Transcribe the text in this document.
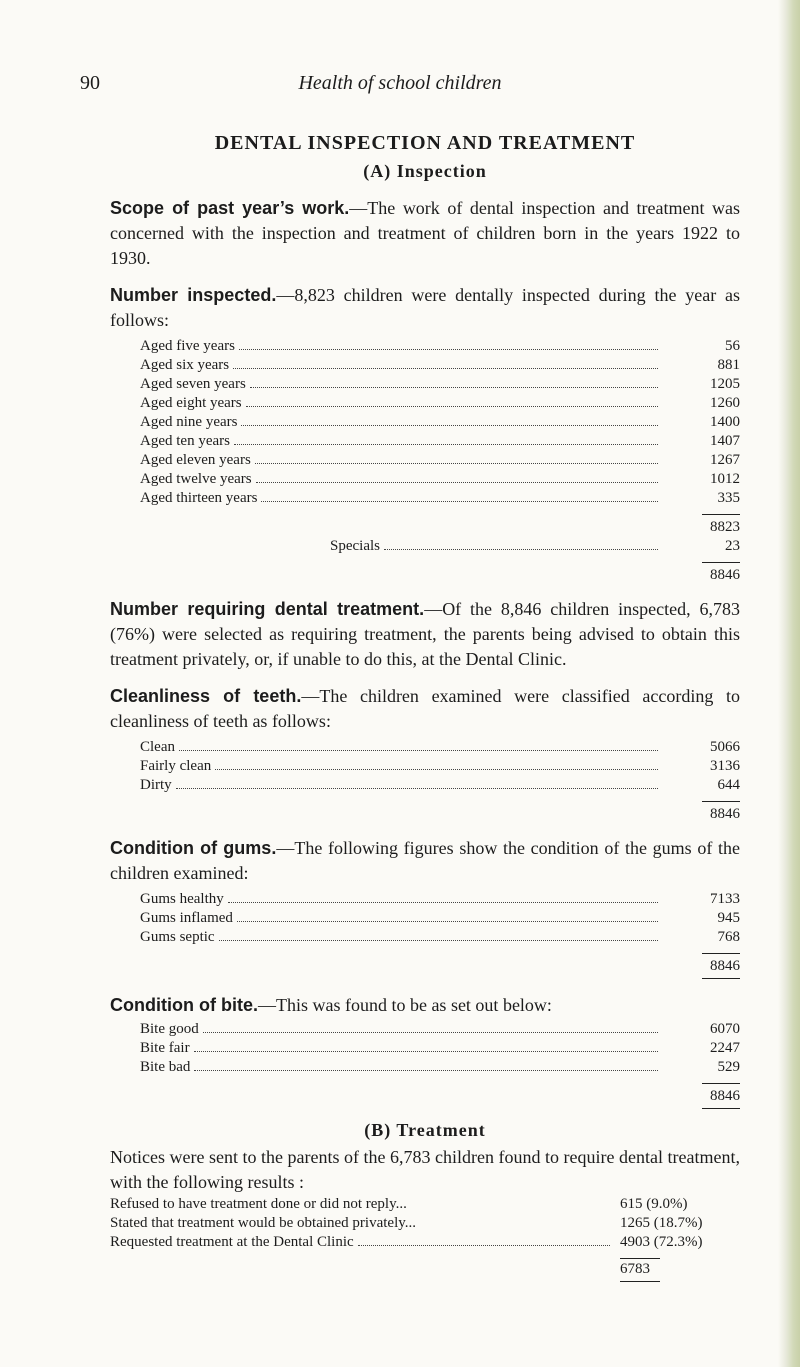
90	Health of school children
DENTAL INSPECTION AND TREATMENT
(A) Inspection

Scope of past year’s work.—The work of dental inspection and treatment was concerned with the inspection and treatment of children born in the years 1922 to 1930.

Number inspected.—8,823 children were dentally inspected during the year as follows:

Aged five years	56
Aged six years	881
Aged seven years	1205
Aged eight years	1260
Aged nine years	1400
Aged ten years	1407
Aged eleven years	1267
Aged twelve years	1012
Aged thirteen years	335
8823
Specials	23
8846

Number requiring dental treatment.—Of the 8,846 children inspected, 6,783 (76%) were selected as requiring treatment, the parents being advised to obtain this treatment privately, or, if unable to do this, at the Dental Clinic.

Cleanliness of teeth.—The children examined were classified according to cleanliness of teeth as follows:

Clean	5066
Fairly clean	3136
Dirty	644
8846

Condition of gums.—The following figures show the condition of the gums of the children examined:

Gums healthy	7133
Gums inflamed	945
Gums septic	768
8846

Condition of bite.—This was found to be as set out below:

Bite good	6070
Bite fair	2247
Bite bad	529
8846
(B) Treatment

Notices were sent to the parents of the 6,783 children found to require dental treatment, with the following results :

Refused to have treatment done or did not reply...	615 (9.0%)
Stated that treatment would be obtained privately...	1265 (18.7%)
Requested treatment at the Dental Clinic	4903 (72.3%)
6783
